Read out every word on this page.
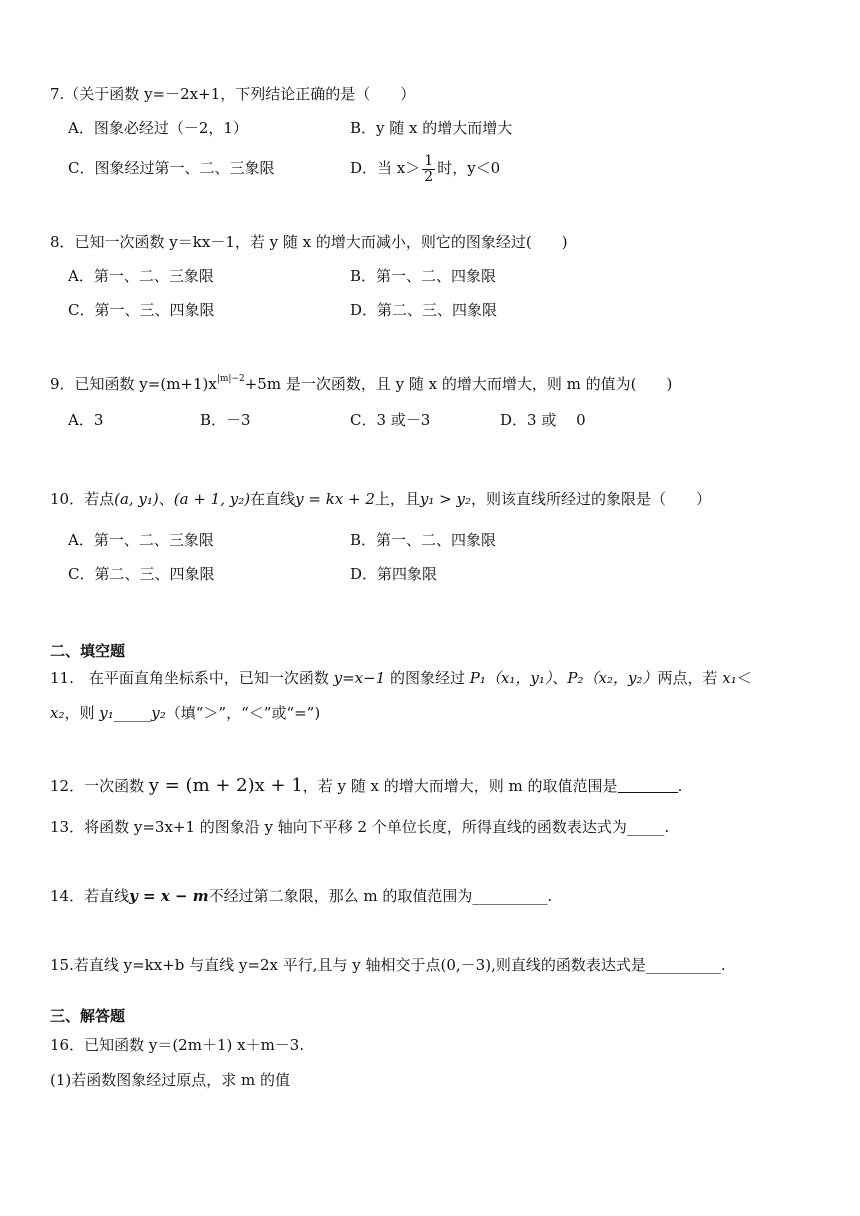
7.（关于函数 y=－2x+1，下列结论正确的是（　　）
A．图象必经过（－2，1）	B．y 随 x 的增大而增大
C．图象经过第一、二、三象限	D．当 $x> \frac{1}{2}$ 时，y＜0
8．已知一次函数 y＝kx－1，若 y 随 x 的增大而减小，则它的图象经过(　　)
A．第一、二、三象限	B．第一、二、四象限
C．第一、三、四象限	D．第二、三、四象限
9．已知函数 $y=(m+1)x^{|m|-2}+5m$ 是一次函数，且 y 随 x 的增大而增大，则 m 的值为(　　)
A．3	B．－3	C．3 或－3	D．3 或　 0
10．若点(a, y₁)、(a + 1, y₂)在直线y = kx + 2上，且y₁ > y₂，则该直线所经过的象限是（　　）
A．第一、二、三象限	B．第一、二、四象限
C．第二、三、四象限	D．第四象限
二、填空题
11.　在平面直角坐标系中，已知一次函数 y=x−1 的图象经过 P₁（x₁，y₁）、P₂（x₂，y₂）两点，若 x₁＜
x₂，则 y₁_____y₂（填“＞”，“＜”或“=”)
12．一次函数 y = (m + 2)x + 1，若 y 随 x 的增大而增大，则 m 的取值范围是	.
13．将函数 y=3x+1 的图象沿 y 轴向下平移 2 个单位长度，所得直线的函数表达式为_____.
14．若直线y = x − m不经过第二象限，那么 m 的取值范围为__________.
15.若直线 y=kx+b 与直线 y=2x 平行,且与 y 轴相交于点(0,－3),则直线的函数表达式是__________.
三、解答题
16．已知函数 y＝(2m＋1) x＋m－3.
(1)若函数图象经过原点，求 m 的值
